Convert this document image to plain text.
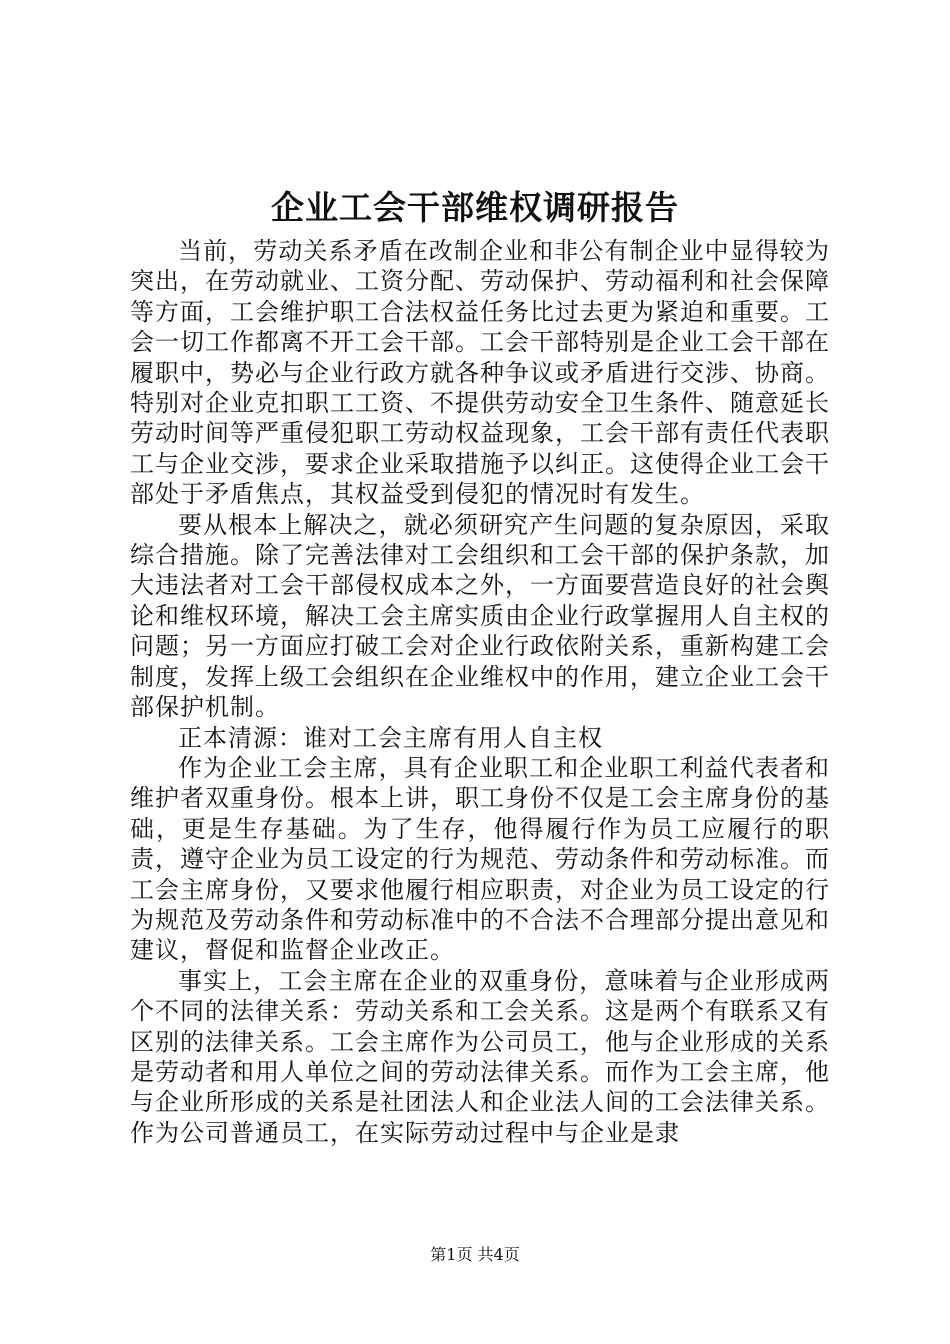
企业工会干部维权调研报告

当前，劳动关系矛盾在改制企业和非公有制企业中显得较为突出，在劳动就业、工资分配、劳动保护、劳动福利和社会保障等方面，工会维护职工合法权益任务比过去更为紧迫和重要。工会一切工作都离不开工会干部。工会干部特别是企业工会干部在履职中，势必与企业行政方就各种争议或矛盾进行交涉、协商。特别对企业克扣职工工资、不提供劳动安全卫生条件、随意延长劳动时间等严重侵犯职工劳动权益现象，工会干部有责任代表职工与企业交涉，要求企业采取措施予以纠正。这使得企业工会干部处于矛盾焦点，其权益受到侵犯的情况时有发生。

要从根本上解决之，就必须研究产生问题的复杂原因，采取综合措施。除了完善法律对工会组织和工会干部的保护条款，加大违法者对工会干部侵权成本之外，一方面要营造良好的社会舆论和维权环境，解决工会主席实质由企业行政掌握用人自主权的问题；另一方面应打破工会对企业行政依附关系，重新构建工会制度，发挥上级工会组织在企业维权中的作用，建立企业工会干部保护机制。

正本清源：谁对工会主席有用人自主权

作为企业工会主席，具有企业职工和企业职工利益代表者和维护者双重身份。根本上讲，职工身份不仅是工会主席身份的基础，更是生存基础。为了生存，他得履行作为员工应履行的职责，遵守企业为员工设定的行为规范、劳动条件和劳动标准。而工会主席身份，又要求他履行相应职责，对企业为员工设定的行为规范及劳动条件和劳动标准中的不合法不合理部分提出意见和建议，督促和监督企业改正。

事实上，工会主席在企业的双重身份，意味着与企业形成两个不同的法律关系：劳动关系和工会关系。这是两个有联系又有区别的法律关系。工会主席作为公司员工，他与企业形成的关系是劳动者和用人单位之间的劳动法律关系。而作为工会主席，他与企业所形成的关系是社团法人和企业法人间的工会法律关系。作为公司普通员工，在实际劳动过程中与企业是隶

第1页 共4页
